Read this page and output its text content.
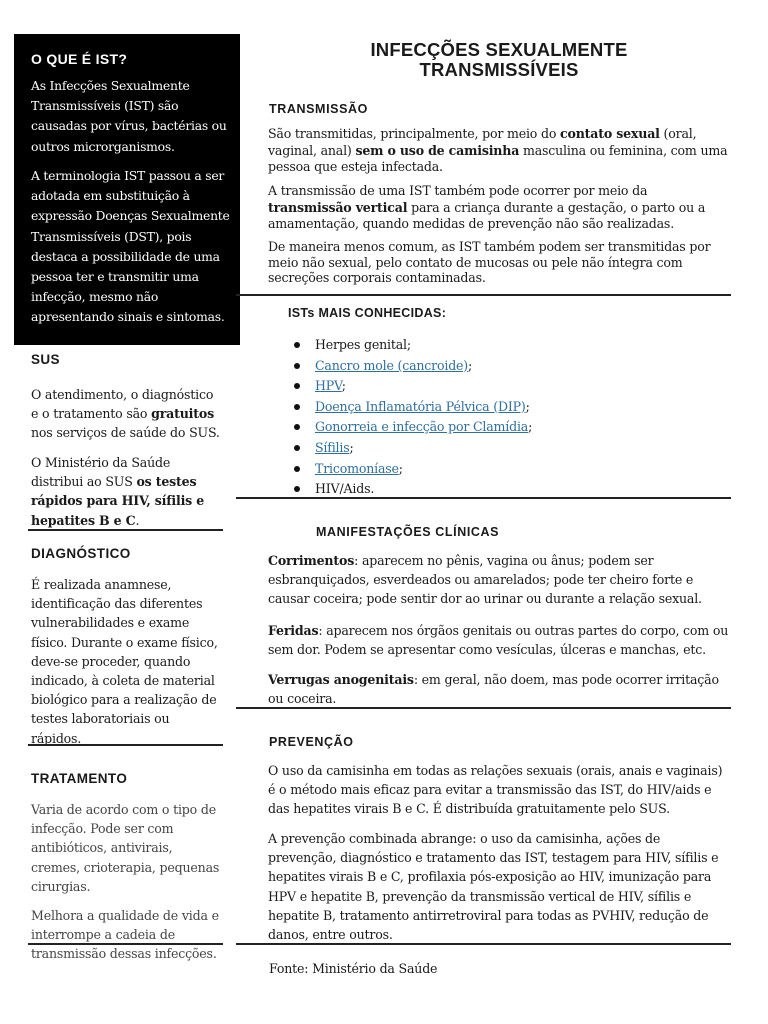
O QUE É IST?

As Infecções Sexualmente Transmissíveis (IST) são causadas por vírus, bactérias ou outros microrganismos.

A terminologia IST passou a ser adotada em substituição à expressão Doenças Sexualmente Transmissíveis (DST), pois destaca a possibilidade de uma pessoa ter e transmitir uma infecção, mesmo não apresentando sinais e sintomas.

SUS

O atendimento, o diagnóstico e o tratamento são gratuitos nos serviços de saúde do SUS.

O Ministério da Saúde distribui ao SUS os testes rápidos para HIV, sífilis e hepatites B e C.

DIAGNÓSTICO

É realizada anamnese, identificação das diferentes vulnerabilidades e exame físico. Durante o exame físico, deve-se proceder, quando indicado, à coleta de material biológico para a realização de testes laboratoriais ou rápidos.

TRATAMENTO

Varia de acordo com o tipo de infecção. Pode ser com antibióticos, antivirais, cremes, crioterapia, pequenas cirurgias.

Melhora a qualidade de vida e interrompe a cadeia de transmissão dessas infecções.

INFECÇÕES SEXUALMENTE
TRANSMISSÍVEIS
TRANSMISSÃO

São transmitidas, principalmente, por meio do contato sexual (oral, vaginal, anal) sem o uso de camisinha masculina ou feminina, com uma pessoa que esteja infectada.

A transmissão de uma IST também pode ocorrer por meio da transmissão vertical para a criança durante a gestação, o parto ou a amamentação, quando medidas de prevenção não são realizadas.

De maneira menos comum, as IST também podem ser transmitidas por meio não sexual, pelo contato de mucosas ou pele não íntegra com secreções corporais contaminadas.

ISTs MAIS CONHECIDAS:
Herpes genital;
Cancro mole (cancroide);
HPV;
Doença Inflamatória Pélvica (DIP);
Gonorreia e infecção por Clamídia;
Sífilis;
Tricomoníase;
HIV/Aids.
MANIFESTAÇÕES CLÍNICAS

Corrimentos: aparecem no pênis, vagina ou ânus; podem ser esbranquiçados, esverdeados ou amarelados; pode ter cheiro forte e causar coceira; pode sentir dor ao urinar ou durante a relação sexual.

Feridas: aparecem nos órgãos genitais ou outras partes do corpo, com ou sem dor. Podem se apresentar como vesículas, úlceras e manchas, etc.

Verrugas anogenitais: em geral, não doem, mas pode ocorrer irritação ou coceira.

PREVENÇÃO

O uso da camisinha em todas as relações sexuais (orais, anais e vaginais) é o método mais eficaz para evitar a transmissão das IST, do HIV/aids e das hepatites virais B e C. É distribuída gratuitamente pelo SUS.

A prevenção combinada abrange: o uso da camisinha, ações de prevenção, diagnóstico e tratamento das IST, testagem para HIV, sífilis e hepatites virais B e C, profilaxia pós-exposição ao HIV, imunização para HPV e hepatite B, prevenção da transmissão vertical de HIV, sífilis e hepatite B, tratamento antirretroviral para todas as PVHIV, redução de danos, entre outros.

Fonte: Ministério da Saúde
